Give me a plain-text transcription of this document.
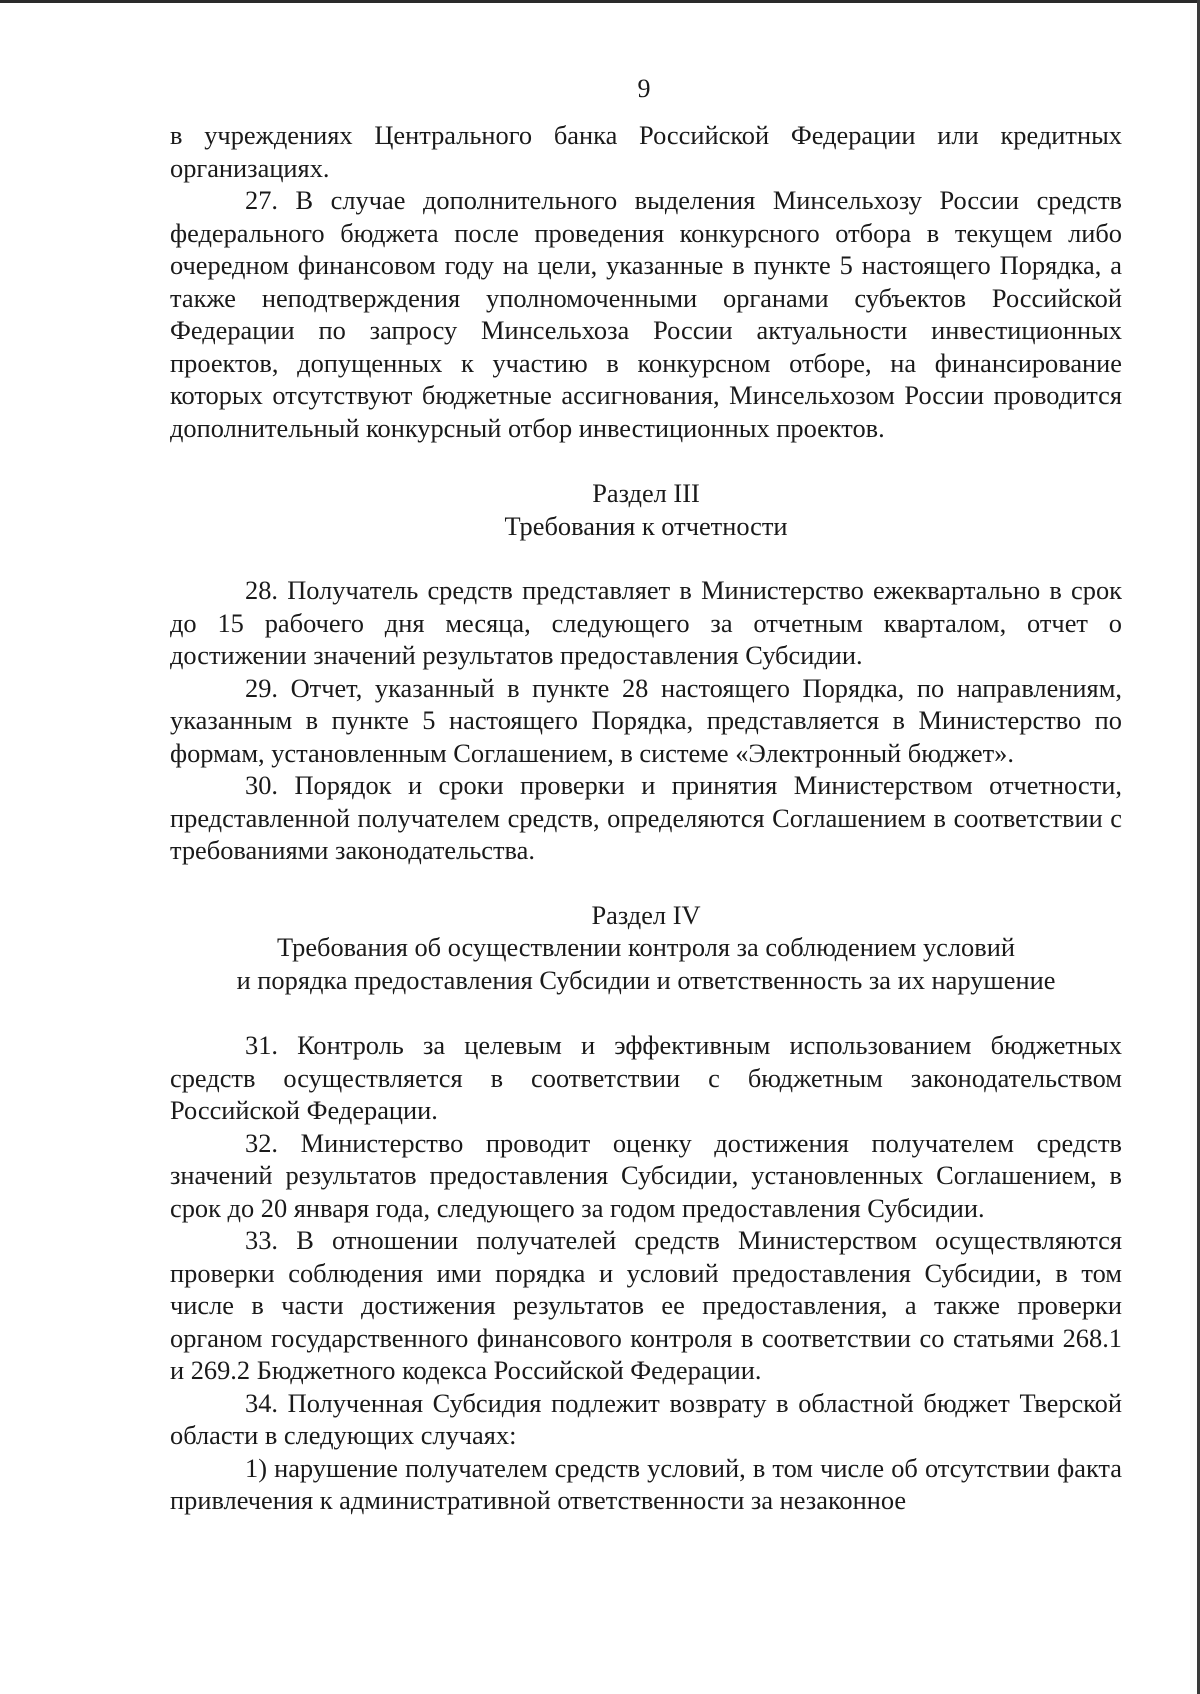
9

в учреждениях Центрального банка Российской Федерации или кредитных организациях.

27. В случае дополнительного выделения Минсельхозу России средств федерального бюджета после проведения конкурсного отбора в текущем либо очередном финансовом году на цели, указанные в пункте 5 настоящего Порядка, а также неподтверждения уполномоченными органами субъектов Российской Федерации по запросу Минсельхоза России актуальности инвестиционных проектов, допущенных к участию в конкурсном отборе, на финансирование которых отсутствуют бюджетные ассигнования, Минсельхозом России проводится дополнительный конкурсный отбор инвестиционных проектов.

Раздел III

Требования к отчетности

28. Получатель средств представляет в Министерство ежеквартально в срок до 15 рабочего дня месяца, следующего за отчетным кварталом, отчет о достижении значений результатов предоставления Субсидии.

29. Отчет, указанный в пункте 28 настоящего Порядка, по направлениям, указанным в пункте 5 настоящего Порядка, представляется в Министерство по формам, установленным Соглашением, в системе «Электронный бюджет».

30. Порядок и сроки проверки и принятия Министерством отчетности, представленной получателем средств, определяются Соглашением в соответствии с требованиями законодательства.

Раздел IV

Требования об осуществлении контроля за соблюдением условий

и порядка предоставления Субсидии и ответственность за их нарушение

31. Контроль за целевым и эффективным использованием бюджетных средств осуществляется в соответствии с бюджетным законодательством Российской Федерации.

32. Министерство проводит оценку достижения получателем средств значений результатов предоставления Субсидии, установленных Соглашением, в срок до 20 января года, следующего за годом предоставления Субсидии.

33. В отношении получателей средств Министерством осуществляются проверки соблюдения ими порядка и условий предоставления Субсидии, в том числе в части достижения результатов ее предоставления, а также проверки органом государственного финансового контроля в соответствии со статьями 268.1 и 269.2 Бюджетного кодекса Российской Федерации.

34. Полученная Субсидия подлежит возврату в областной бюджет Тверской области в следующих случаях:

1) нарушение получателем средств условий, в том числе об отсутствии факта привлечения к административной ответственности за незаконное
